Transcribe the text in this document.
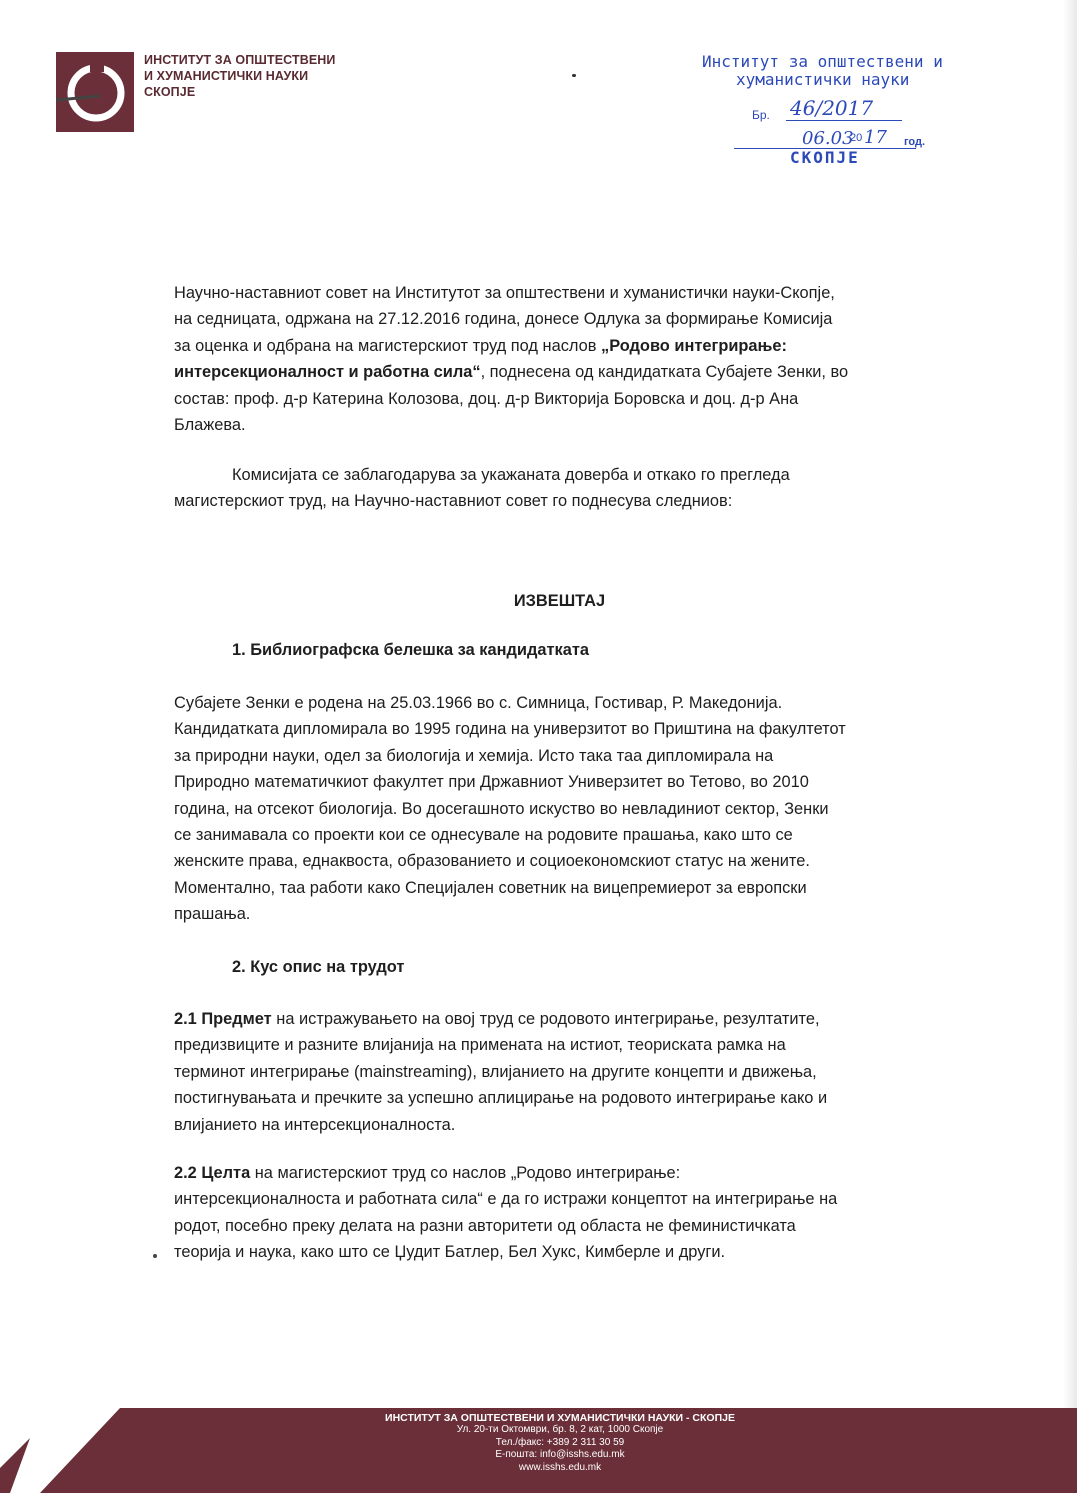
ИНСТИТУТ ЗА ОПШТЕСТВЕНИ
И ХУМАНИСТИЧКИ НАУКИ
СКОПЈЕ
Институт за општествени и
хуманистички науки
Бр. 46/2017
06.03
20 17 год.
СКОПЈЕ
Научно-наставниот совет на Институтот за општествени и хуманистички науки-Скопје,
на седницата, одржана на 27.12.2016 година, донесе Одлука за формирање Комисија
за оценка и одбрана на магистерскиот труд под наслов „Родово интегрирање:
интерсекционалност и работна сила“, поднесена од кандидатката Субајете Зенки, во
состав: проф. д-р Катерина Колозова, доц. д-р Викторија Боровска и доц. д-р Ана
Блажева.
Комисијата се заблагодарува за укажаната доверба и откако го прегледа
магистерскиот труд, на Научно-наставниот совет го поднесува следниов:
ИЗВЕШТАЈ
1. Библиографска белешка за кандидатката
Субајете Зенки е родена на 25.03.1966 во с. Симница, Гостивар, Р. Македонија.
Кандидатката дипломирала во 1995 година на универзитот во Приштина на факултетот
за природни науки, одел за биологија и хемија. Исто така таа дипломирала на
Природно математичкиот факултет при Државниот Универзитет во Тетово, во 2010
година, на отсекот биологија. Во досегашното искуство во невладиниот сектор, Зенки
се занимавала со проекти кои се однесувале на родовите прашања, како што се
женските права, еднаквоста, образованието и социоекономскиот статус на жените.
Моментално, таа работи како Специјален советник на вицепремиерот за европски
прашања.
2. Кус опис на трудот
2.1 Предмет на истражувањето на овој труд се родовото интегрирање, резултатите,
предизвиците и разните влијанија на примената на истиот, теориската рамка на
терминот интегрирање (mainstreaming), влијанието на другите концепти и движења,
постигнувањата и пречките за успешно аплицирање на родовото интегрирање како и
влијанието на интерсекционалноста.
2.2 Целта на магистерскиот труд со наслов „Родово интегрирање:
интерсекционалноста и работната сила“ е да го истражи концептот на интегрирање на
родот, посебно преку делата на разни авторитети од областа не феминистичката
теорија и наука, како што се Џудит Батлер, Бел Хукс, Кимберле и други.
ИНСТИТУТ ЗА ОПШТЕСТВЕНИ И ХУМАНИСТИЧКИ НАУКИ - СКОПЈЕ
Ул. 20-ти Октомври, бр. 8, 2 кат, 1000 Скопје
Тел./факс: +389 2 311 30 59
Е-пошта: info@isshs.edu.mk
www.isshs.edu.mk
